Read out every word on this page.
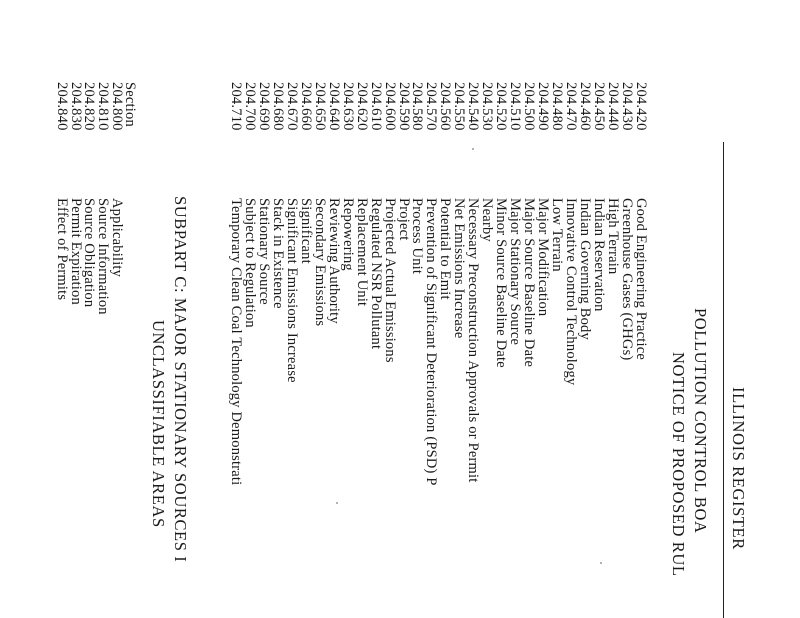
ILLINOIS REGISTER
POLLUTION CONTROL BOA
NOTICE OF PROPOSED RUL
204.420
Good Engineering Practice
204.430
Greenhouse Gases (GHGs)
204.440
High Terrain
204.450
Indian Reservation
204.460
Indian Governing Body
204.470
Innovative Control Technology
204.480
Low Terrain
204.490
Major Modification
204.500
Major Source Baseline Date
204.510
Major Stationary Source
204.520
Minor Source Baseline Date
204.530
Nearby
204.540
Necessary Preconstruction Approvals or Permit
204.550
Net Emissions Increase
204.560
Potential to Emit
204.570
Prevention of Significant Deterioration (PSD) P
204.580
Process Unit
204.590
Project
204.600
Projected Actual Emissions
204.610
Regulated NSR Pollutant
204.620
Replacement Unit
204.630
Repowering
204.640
Reviewing Authority
204.650
Secondary Emissions
204.660
Significant
204.670
Significant Emissions Increase
204.680
Stack in Existence
204.690
Stationary Source
204.700
Subject to Regulation
204.710
Temporary Clean Coal Technology Demonstrati
SUBPART C: MAJOR STATIONARY SOURCES I
UNCLASSIFIABLE AREAS
Section
204.800
Applicability
204.810
Source Information
204.820
Source Obligation
204.830
Permit Expiration
204.840
Effect of Permits
